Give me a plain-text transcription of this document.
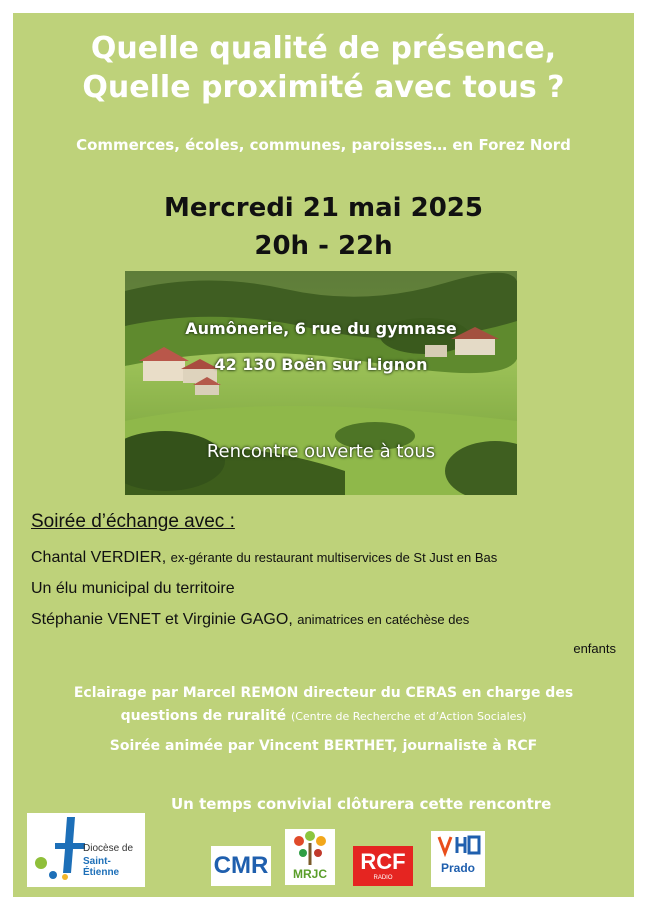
Quelle qualité de présence,
Quelle proximité avec tous ?
Commerces, écoles, communes, paroisses… en Forez Nord
Mercredi 21 mai 2025
20h - 22h
Aumônerie, 6 rue du gymnase
42 130 Boën sur Lignon
Rencontre ouverte à tous
Soirée d’échange avec :
Chantal VERDIER, ex-gérante du restaurant multiservices de St Just en Bas
Un élu municipal du territoire
Stéphanie VENET et Virginie GAGO, animatrices en catéchèse des
enfants
Eclairage par Marcel REMON directeur du CERAS en charge des
questions de ruralité (Centre de Recherche et d’Action Sociales)
Soirée animée par Vincent BERTHET, journaliste à RCF
Un temps convivial clôturera cette rencontre
Diocèse de
Saint-Étienne	CMR	MRJC	RCF
RADIO
Prado
